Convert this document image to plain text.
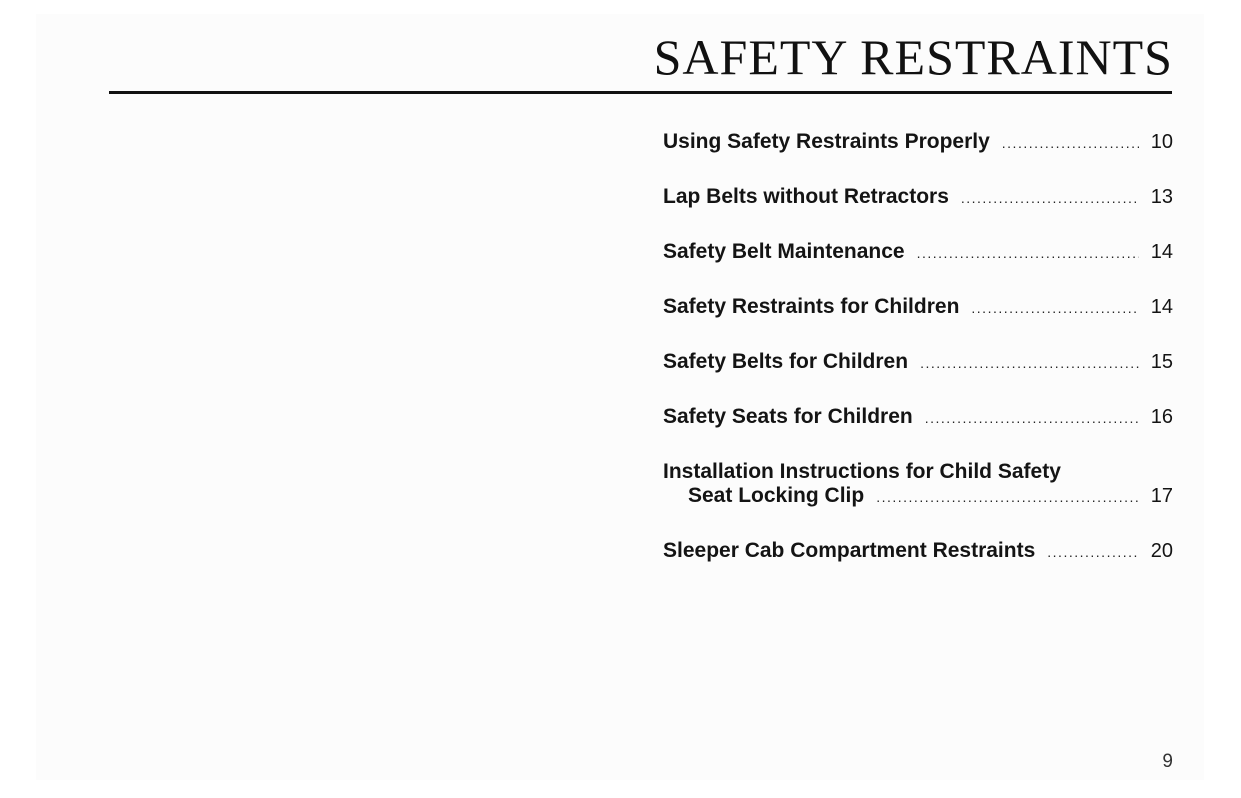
SAFETY RESTRAINTS
Using Safety Restraints Properly .....	10
Lap Belts without Retractors .....	13
Safety Belt Maintenance .....	14
Safety Restraints for Children .....	14
Safety Belts for Children .....	15
Safety Seats for Children .....	16
Installation Instructions for Child Safety
Seat Locking Clip .....	17
Sleeper Cab Compartment Restraints .....	20
9
